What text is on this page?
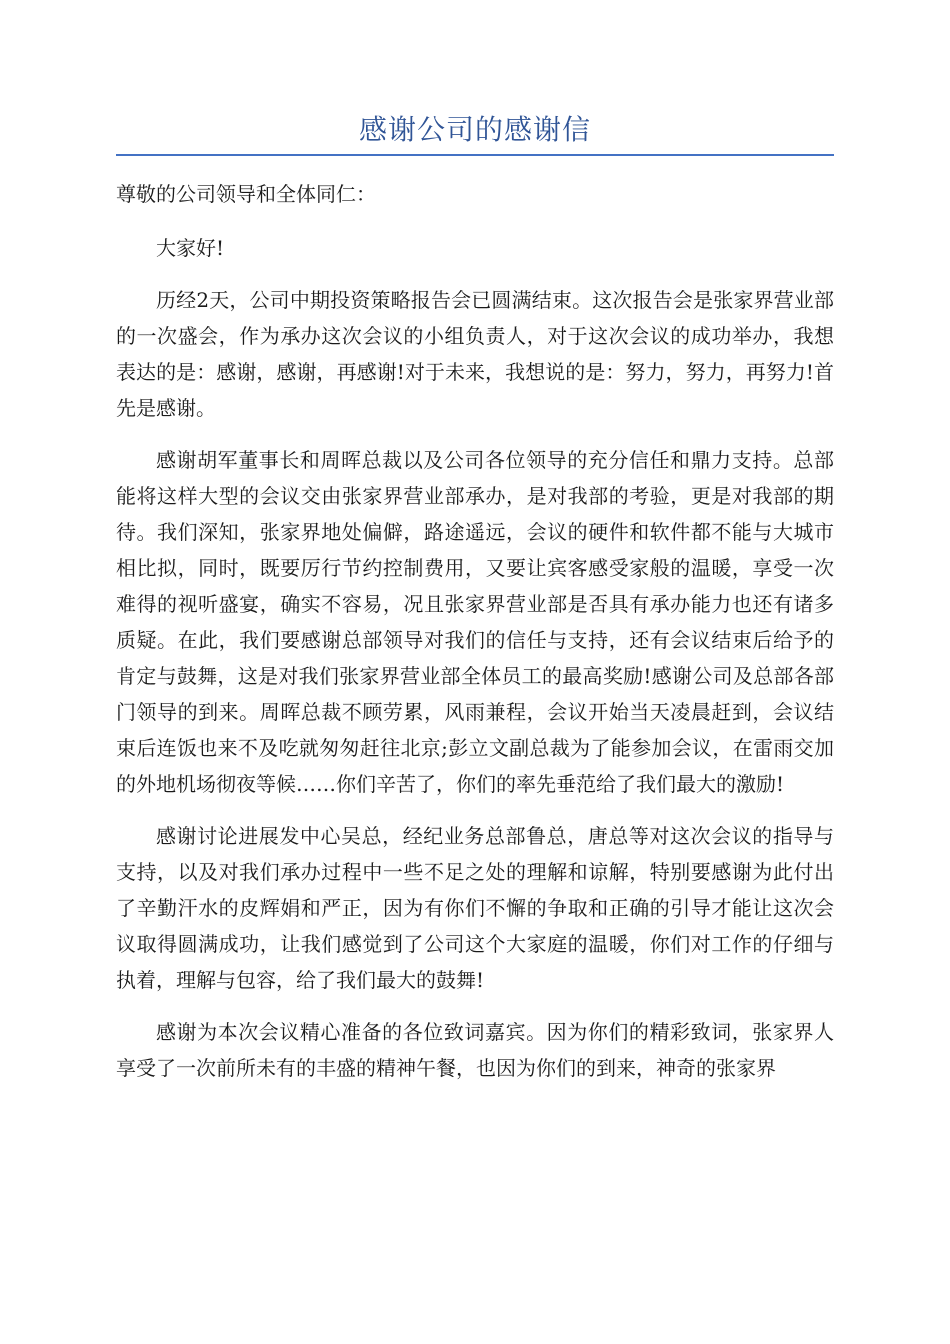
感谢公司的感谢信

尊敬的公司领导和全体同仁：

大家好!

历经2天，公司中期投资策略报告会已圆满结束。这次报告会是张家界营业部的一次盛会，作为承办这次会议的小组负责人，对于这次会议的成功举办，我想表达的是：感谢，感谢，再感谢!对于未来，我想说的是：努力，努力，再努力!首先是感谢。

感谢胡军董事长和周晖总裁以及公司各位领导的充分信任和鼎力支持。总部能将这样大型的会议交由张家界营业部承办，是对我部的考验，更是对我部的期待。我们深知，张家界地处偏僻，路途遥远，会议的硬件和软件都不能与大城市相比拟，同时，既要厉行节约控制费用，又要让宾客感受家般的温暖，享受一次难得的视听盛宴，确实不容易，况且张家界营业部是否具有承办能力也还有诸多质疑。在此，我们要感谢总部领导对我们的信任与支持，还有会议结束后给予的肯定与鼓舞，这是对我们张家界营业部全体员工的最高奖励!感谢公司及总部各部门领导的到来。周晖总裁不顾劳累，风雨兼程，会议开始当天凌晨赶到，会议结束后连饭也来不及吃就匆匆赶往北京;彭立文副总裁为了能参加会议，在雷雨交加的外地机场彻夜等候……你们辛苦了，你们的率先垂范给了我们最大的激励!

感谢讨论进展发中心吴总，经纪业务总部鲁总，唐总等对这次会议的指导与支持，以及对我们承办过程中一些不足之处的理解和谅解，特别要感谢为此付出了辛勤汗水的皮辉娟和严正，因为有你们不懈的争取和正确的引导才能让这次会议取得圆满成功，让我们感觉到了公司这个大家庭的温暖，你们对工作的仔细与执着，理解与包容，给了我们最大的鼓舞!

感谢为本次会议精心准备的各位致词嘉宾。因为你们的精彩致词，张家界人享受了一次前所未有的丰盛的精神午餐，也因为你们的到来，神奇的张家界
